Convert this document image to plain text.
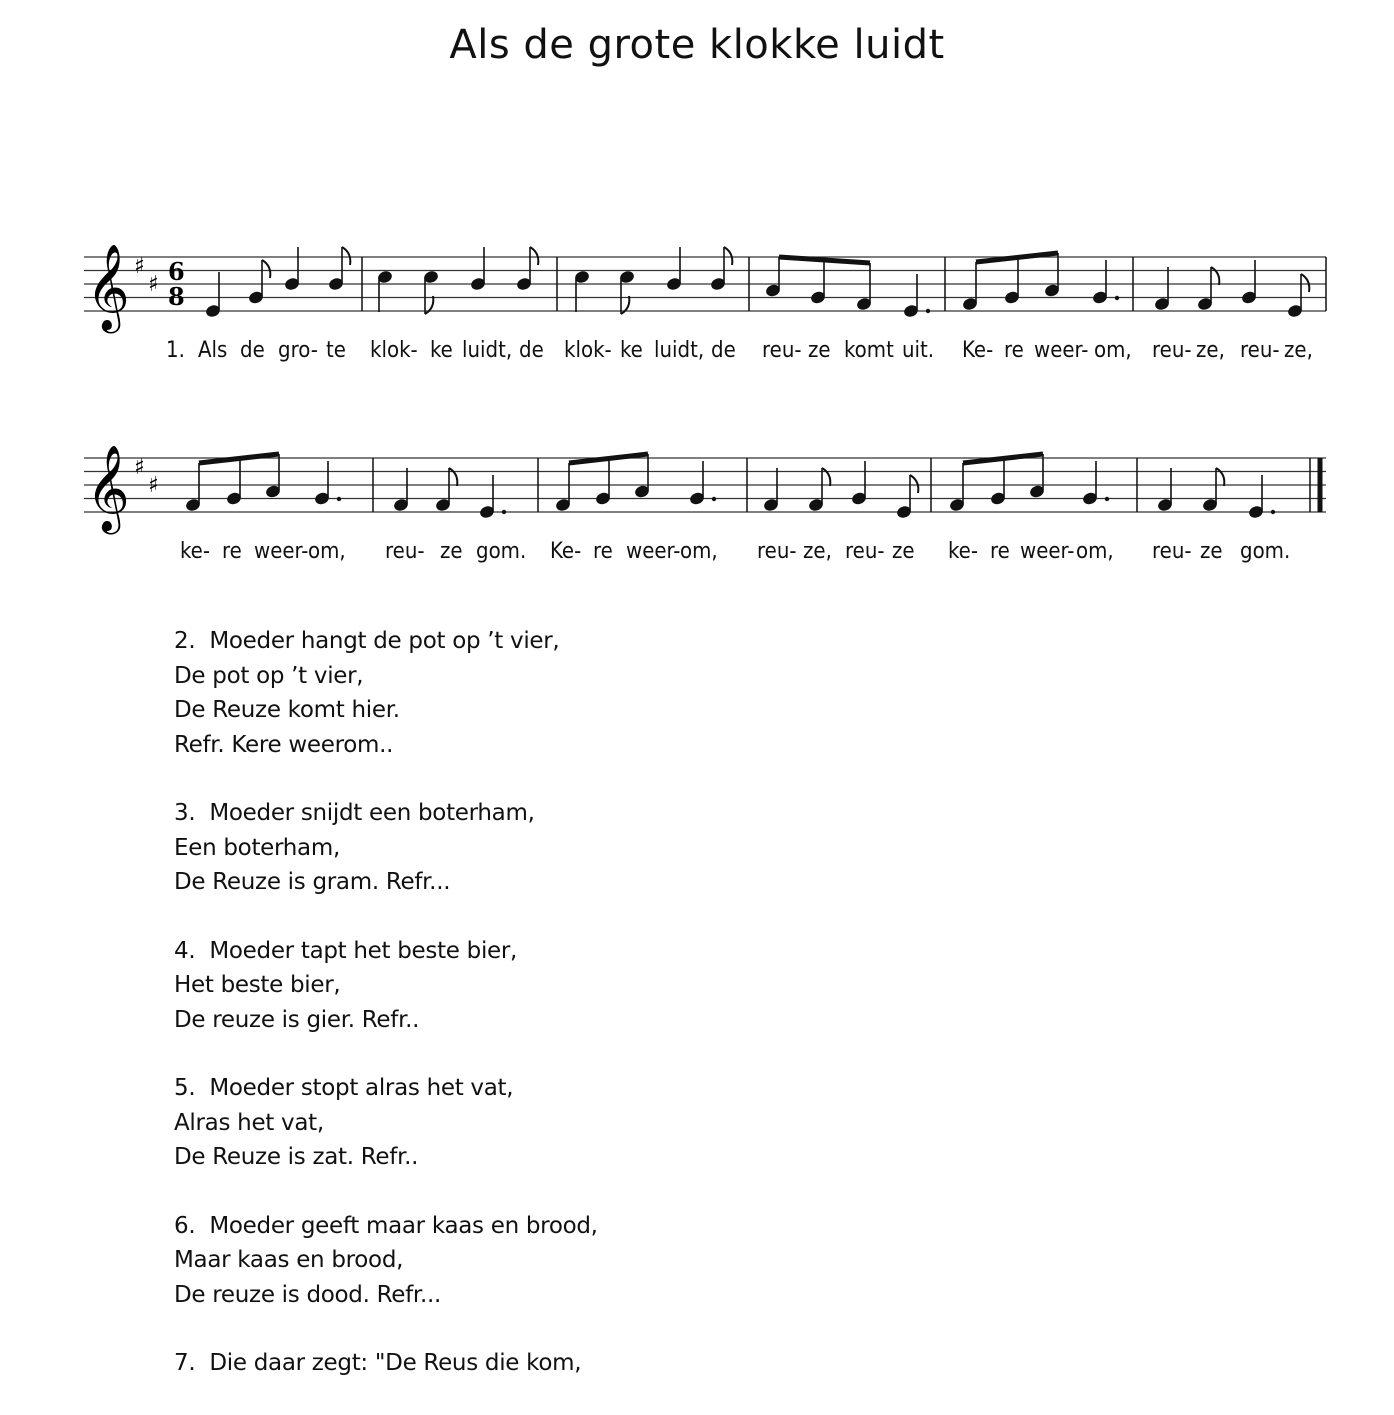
Als de grote klokke luidt
𝄞 ♯
♯ 6
8
1. Als de gro- te klok- ke luidt, de klok- ke luidt, de reu- ze komt uit. Ke- re weer- om, reu- ze, reu- ze,
𝄞 ♯
♯
ke- re weer- om, reu- ze gom. Ke- re weer- om, reu- ze, reu- ze ke- re weer- om, reu- ze gom.
2.  Moeder hangt de pot op ’t vier,
De pot op ’t vier,
De Reuze komt hier.
Refr. Kere weerom..
3.  Moeder snijdt een boterham,
Een boterham,
De Reuze is gram. Refr...
4.  Moeder tapt het beste bier,
Het beste bier,
De reuze is gier. Refr..
5.  Moeder stopt alras het vat,
Alras het vat,
De Reuze is zat. Refr..
6.  Moeder geeft maar kaas en brood,
Maar kaas en brood,
De reuze is dood. Refr...
7.  Die daar zegt: "De Reus die kom,
